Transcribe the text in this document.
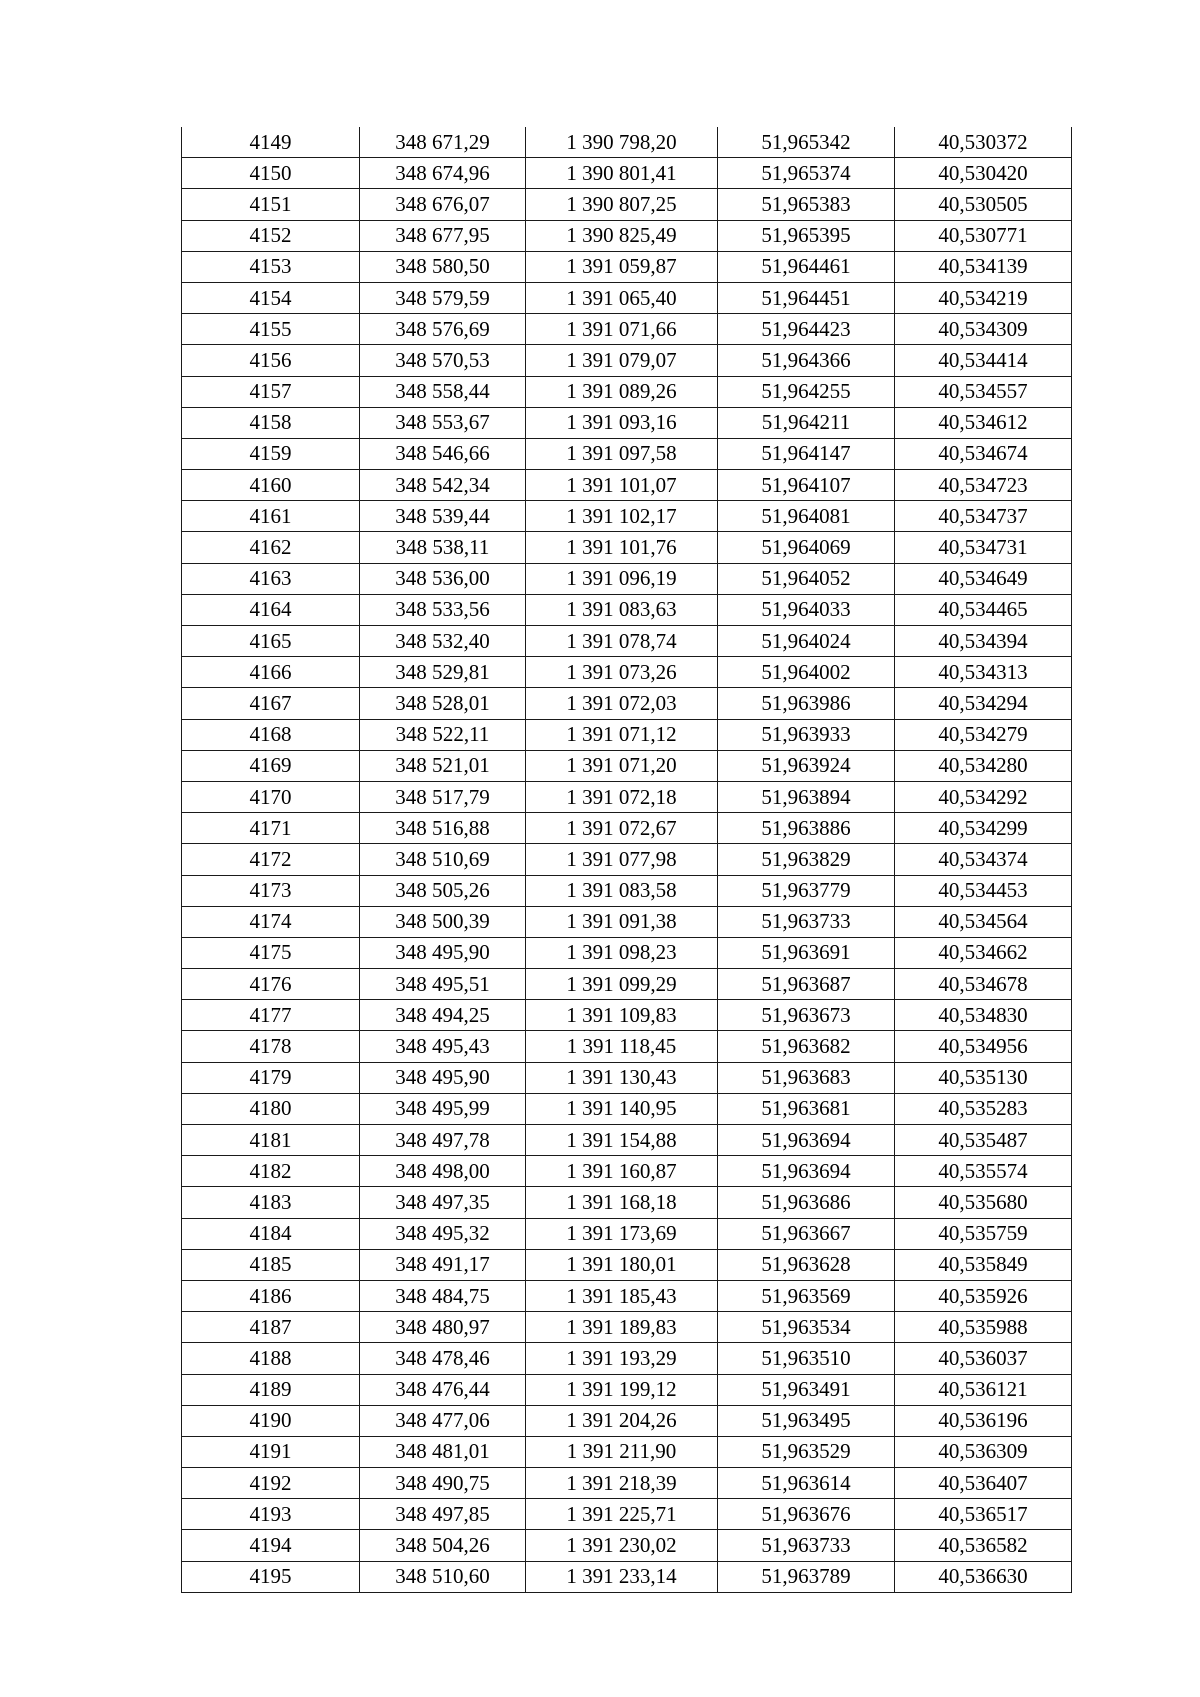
4149	348 671,29	1 390 798,20	51,965342	40,530372
4150	348 674,96	1 390 801,41	51,965374	40,530420
4151	348 676,07	1 390 807,25	51,965383	40,530505
4152	348 677,95	1 390 825,49	51,965395	40,530771
4153	348 580,50	1 391 059,87	51,964461	40,534139
4154	348 579,59	1 391 065,40	51,964451	40,534219
4155	348 576,69	1 391 071,66	51,964423	40,534309
4156	348 570,53	1 391 079,07	51,964366	40,534414
4157	348 558,44	1 391 089,26	51,964255	40,534557
4158	348 553,67	1 391 093,16	51,964211	40,534612
4159	348 546,66	1 391 097,58	51,964147	40,534674
4160	348 542,34	1 391 101,07	51,964107	40,534723
4161	348 539,44	1 391 102,17	51,964081	40,534737
4162	348 538,11	1 391 101,76	51,964069	40,534731
4163	348 536,00	1 391 096,19	51,964052	40,534649
4164	348 533,56	1 391 083,63	51,964033	40,534465
4165	348 532,40	1 391 078,74	51,964024	40,534394
4166	348 529,81	1 391 073,26	51,964002	40,534313
4167	348 528,01	1 391 072,03	51,963986	40,534294
4168	348 522,11	1 391 071,12	51,963933	40,534279
4169	348 521,01	1 391 071,20	51,963924	40,534280
4170	348 517,79	1 391 072,18	51,963894	40,534292
4171	348 516,88	1 391 072,67	51,963886	40,534299
4172	348 510,69	1 391 077,98	51,963829	40,534374
4173	348 505,26	1 391 083,58	51,963779	40,534453
4174	348 500,39	1 391 091,38	51,963733	40,534564
4175	348 495,90	1 391 098,23	51,963691	40,534662
4176	348 495,51	1 391 099,29	51,963687	40,534678
4177	348 494,25	1 391 109,83	51,963673	40,534830
4178	348 495,43	1 391 118,45	51,963682	40,534956
4179	348 495,90	1 391 130,43	51,963683	40,535130
4180	348 495,99	1 391 140,95	51,963681	40,535283
4181	348 497,78	1 391 154,88	51,963694	40,535487
4182	348 498,00	1 391 160,87	51,963694	40,535574
4183	348 497,35	1 391 168,18	51,963686	40,535680
4184	348 495,32	1 391 173,69	51,963667	40,535759
4185	348 491,17	1 391 180,01	51,963628	40,535849
4186	348 484,75	1 391 185,43	51,963569	40,535926
4187	348 480,97	1 391 189,83	51,963534	40,535988
4188	348 478,46	1 391 193,29	51,963510	40,536037
4189	348 476,44	1 391 199,12	51,963491	40,536121
4190	348 477,06	1 391 204,26	51,963495	40,536196
4191	348 481,01	1 391 211,90	51,963529	40,536309
4192	348 490,75	1 391 218,39	51,963614	40,536407
4193	348 497,85	1 391 225,71	51,963676	40,536517
4194	348 504,26	1 391 230,02	51,963733	40,536582
4195	348 510,60	1 391 233,14	51,963789	40,536630
